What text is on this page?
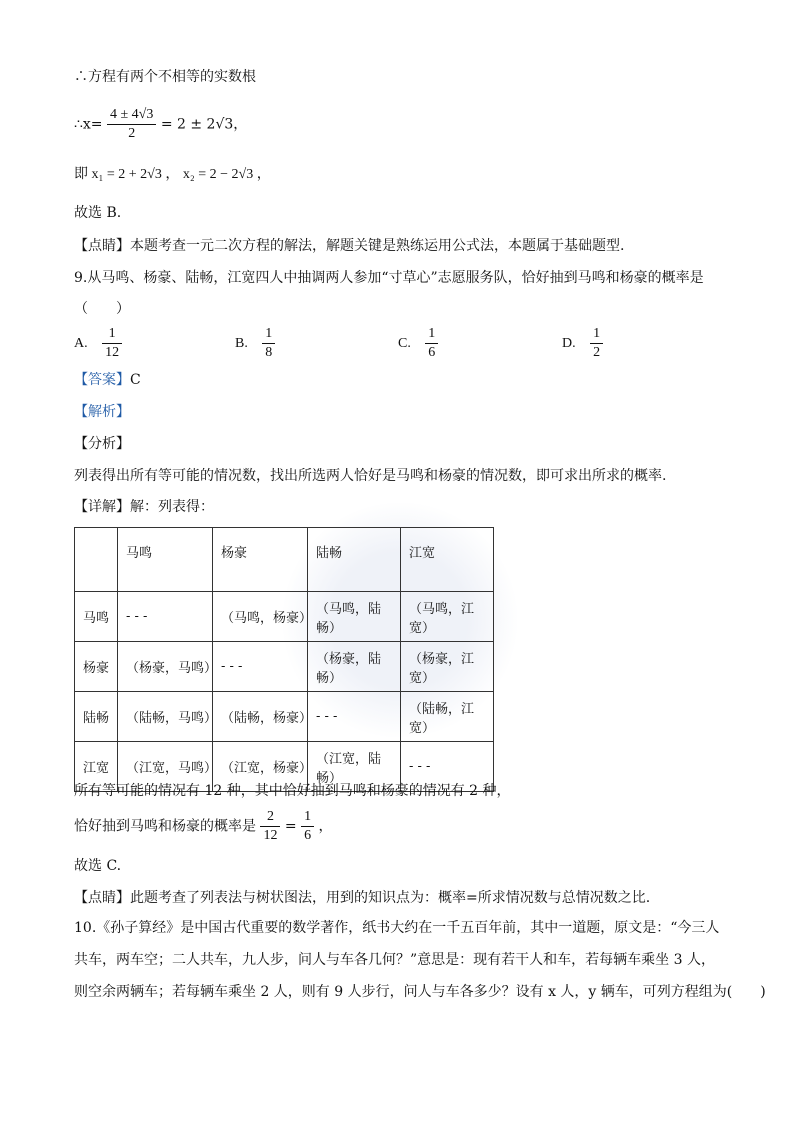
∴方程有两个不相等的实数根
∴x= $\frac{4 \pm 4√3}{2} = 2 \pm 2√3$，
即 x₁ = 2 + 2√3 ， x₂ = 2 − 2√3 ，
故选 B.
【点睛】本题考查一元二次方程的解法，解题关键是熟练运用公式法，本题属于基础题型.
9.从马鸣、杨豪、陆畅，江宽四人中抽调两人参加“寸草心”志愿服务队，恰好抽到马鸣和杨豪的概率是
（　　）
A. $\frac{1}{12}$	B. $\frac{1}{8}$	C. $\frac{1}{6}$	D. $\frac{1}{2}$
【答案】C
【解析】
【分析】
列表得出所有等可能的情况数，找出所选两人恰好是马鸣和杨豪的情况数，即可求出所求的概率.
【详解】解：列表得：
	马鸣	杨豪	陆畅	江宽
马鸣	- - -	（马鸣，杨豪）	（马鸣，陆畅）	（马鸣，江宽）
杨豪	（杨豪，马鸣）	- - -	（杨豪，陆畅）	（杨豪，江宽）
陆畅	（陆畅，马鸣）	（陆畅，杨豪）	- - -	（陆畅，江宽）
江宽	（江宽，马鸣）	（江宽，杨豪）	（江宽，陆畅）	- - -
所有等可能的情况有 12 种，其中恰好抽到马鸣和杨豪的情况有 2 种，
恰好抽到马鸣和杨豪的概率是 $\frac{2}{12} = \frac{1}{6}$ ，
故选 C.
【点睛】此题考查了列表法与树状图法，用到的知识点为：概率=所求情况数与总情况数之比.
10.《孙子算经》是中国古代重要的数学著作，纸书大约在一千五百年前，其中一道题，原文是：“今三人
共车，两车空；二人共车，九人步，问人与车各几何？”意思是：现有若干人和车，若每辆车乘坐 3 人，
则空余两辆车；若每辆车乘坐 2 人，则有 9 人步行，问人与车各多少？设有 x 人，y 辆车，可列方程组为(　　)
